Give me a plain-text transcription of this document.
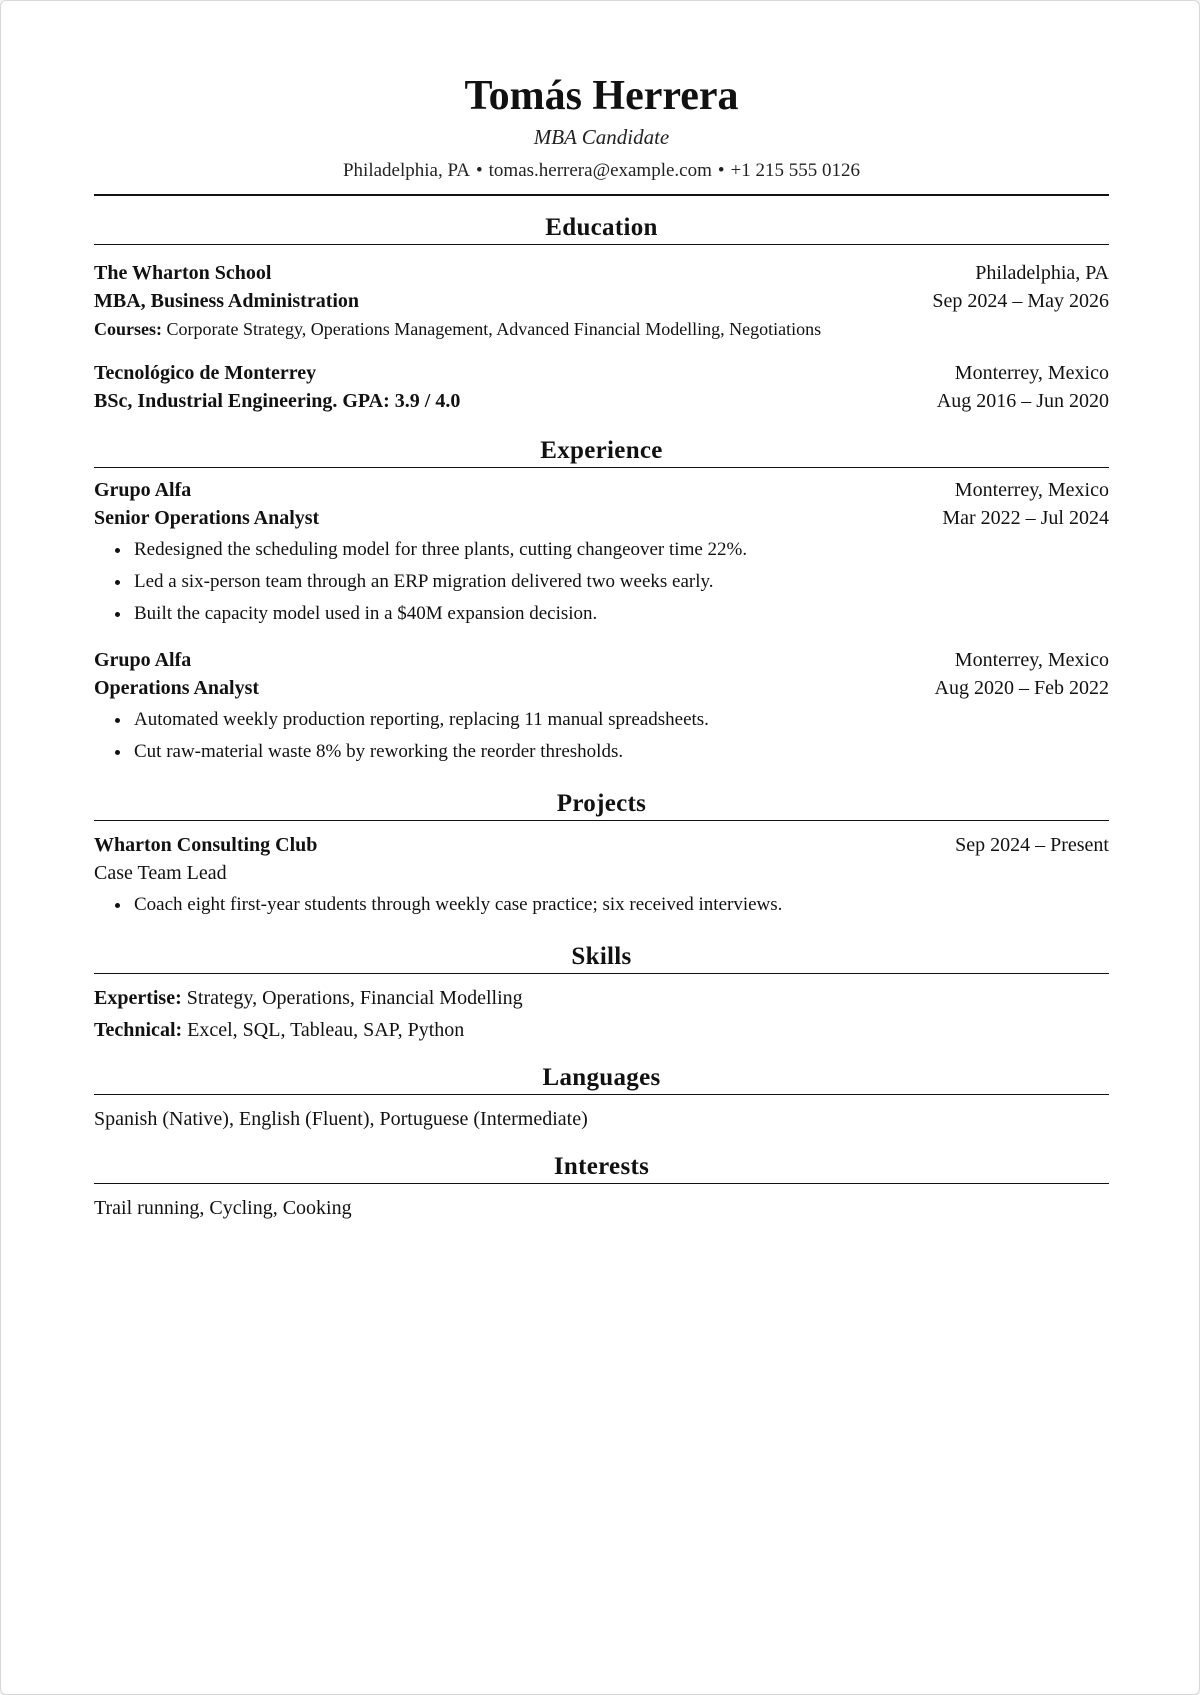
Tomás Herrera
MBA Candidate
Philadelphia, PA • tomas.herrera@example.com • +1 215 555 0126
Education
The Wharton School	Philadelphia, PA
MBA, Business Administration	Sep 2024 – May 2026
Courses: Corporate Strategy, Operations Management, Advanced Financial Modelling, Negotiations
Tecnológico de Monterrey	Monterrey, Mexico
BSc, Industrial Engineering. GPA: 3.9 / 4.0	Aug 2016 – Jun 2020
Experience
Grupo Alfa	Monterrey, Mexico
Senior Operations Analyst	Mar 2022 – Jul 2024
• Redesigned the scheduling model for three plants, cutting changeover time 22%.
• Led a six-person team through an ERP migration delivered two weeks early.
• Built the capacity model used in a $40M expansion decision.
Grupo Alfa	Monterrey, Mexico
Operations Analyst	Aug 2020 – Feb 2022
• Automated weekly production reporting, replacing 11 manual spreadsheets.
• Cut raw-material waste 8% by reworking the reorder thresholds.
Projects
Wharton Consulting Club	Sep 2024 – Present
Case Team Lead
• Coach eight first-year students through weekly case practice; six received interviews.
Skills
Expertise: Strategy, Operations, Financial Modelling
Technical: Excel, SQL, Tableau, SAP, Python
Languages
Spanish (Native), English (Fluent), Portuguese (Intermediate)
Interests
Trail running, Cycling, Cooking
